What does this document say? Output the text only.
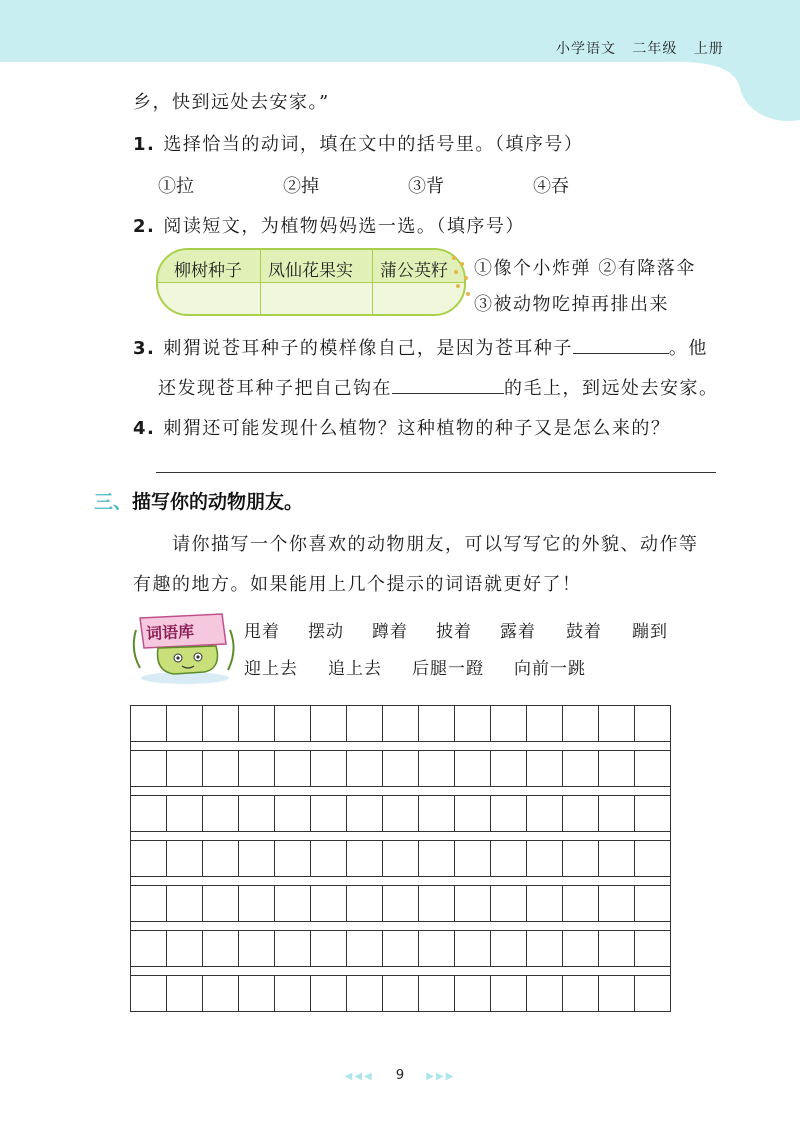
小学语文   二年级   上册
乡，快到远处去安家。”
1. 选择恰当的动词，填在文中的括号里。（填序号）
①拉	②掉	③背	④吞
2. 阅读短文，为植物妈妈选一选。（填序号）
柳树种子 凤仙花果实 蒲公英籽 ①像个小炸弹 ②有降落伞
③被动物吃掉再排出来
3. 刺猬说苍耳种子的模样像自己，是因为苍耳种子	。他
还发现苍耳种子把自己钩在	的毛上，到远处去安家。
4. 刺猬还可能发现什么植物？这种植物的种子又是怎么来的？
三、描写你的动物朋友。
请你描写一个你喜欢的动物朋友，可以写写它的外貌、动作等
有趣的地方。如果能用上几个提示的词语就更好了！
词语库	甩着 摆动 蹲着 披着 露着 鼓着 蹦到
迎上去 追上去 后腿一蹬 向前一跳
◀◀◀ 9 ▶▶▶
